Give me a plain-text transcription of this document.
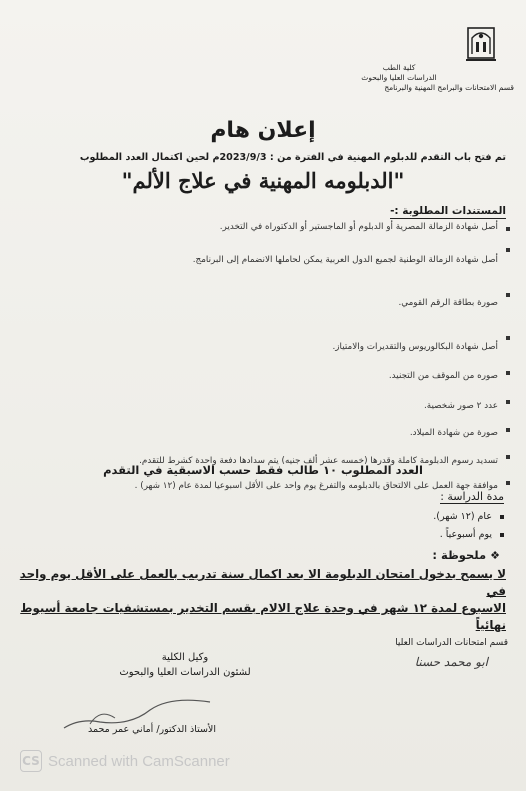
كلية الطب
الدراسات العليا والبحوث
قسم الامتحانات والبرامج المهنية والبرنامج
إعلان هام
تم فتح باب التقدم للدبلوم المهنية في الفترة من : 2023/9/3م لحين اكتمال العدد المطلوب
"الدبلومه المهنية في علاج الألم"
المستندات المطلوبة :-
أصل شهادة الزمالة المصرية أو الدبلوم أو الماجستير أو الدكتوراه في التخدير.
أصل شهادة الزمالة الوطنية لجميع الدول العربية يمكن لحاملها الانضمام إلى البرنامج.
صورة بطاقة الرقم القومي.
أصل شهادة البكالوريوس والتقديرات والامتياز.
صوره من الموقف من التجنيد.
عدد ٢ صور شخصية.
صورة من شهادة الميلاد.
تسديد رسوم الدبلومة كاملة وقدرها (خمسه عشر ألف جنيه) يتم سدادها دفعة واحدة كشرط للتقدم.
موافقة جهة العمل على الالتحاق بالدبلومه والتفرغ يوم واحد على الأقل اسبوعيا لمدة عام (١٢ شهر) .
العدد المطلوب ١٠ طالب فقط حسب الاسبقية في التقدم
مدة الدراسة :
عام (١٢ شهر).
يوم أسبوعياً .
❖ملحوظة :
لا يسمح بدخول امتحان الدبلومة الا بعد اكمال سنة تدريب بالعمل على الأقل يوم واحد في
الاسبوع لمدة ١٢ شهر في وحدة علاج الالام بقسم التخدير بمستشفيات جامعة أسيوط نهائياً
قسم امتحانات الدراسات العليا
ابو محمد حسنا
وكيل الكلية
لشئون الدراسات العليا والبحوث
الأستاذ الدكتور/ أماني عمر محمد
CS Scanned with CamScanner
